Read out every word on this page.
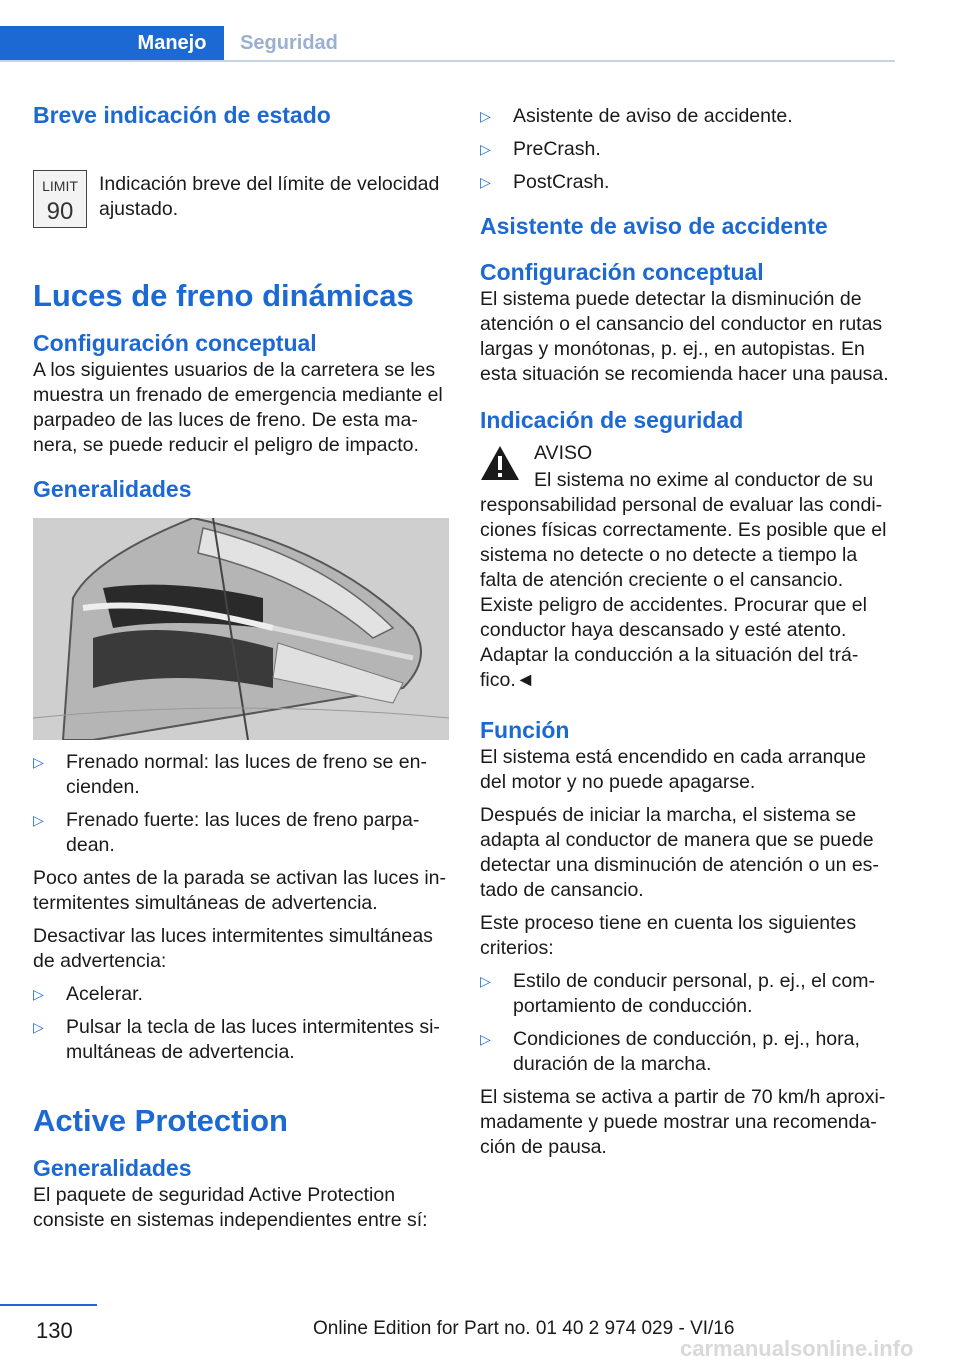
Manejo	Seguridad
Breve indicación de estado
LIMIT
90

Indicación breve del límite de velocidad ajustado.

Luces de freno dinámicas
Configuración conceptual

A los siguientes usuarios de la carretera se les muestra un frenado de emergencia mediante el parpadeo de las luces de freno. De esta ma‐nera, se puede reducir el peligro de impacto.

Generalidades
▷ Frenado normal: las luces de freno se en‐cienden.
▷ Frenado fuerte: las luces de freno parpa‐dean.

Poco antes de la parada se activan las luces in‐termitentes simultáneas de advertencia.

Desactivar las luces intermitentes simultáneas de advertencia:

▷ Acelerar.
▷ Pulsar la tecla de las luces intermitentes si‐multáneas de advertencia.
Active Protection
Generalidades

El paquete de seguridad Active Protection consiste en sistemas independientes entre sí:

▷ Asistente de aviso de accidente.
▷ PreCrash.
▷ PostCrash.
Asistente de aviso de accidente
Configuración conceptual

El sistema puede detectar la disminución de atención o el cansancio del conductor en rutas largas y monótonas, p. ej., en autopistas. En esta situación se recomienda hacer una pausa.

Indicación de seguridad

AVISO

El sistema no exime al conductor de su responsabilidad personal de evaluar las condi‐ciones físicas correctamente. Es posible que el sistema no detecte o no detecte a tiempo la falta de atención creciente o el cansancio. Existe peligro de accidentes. Procurar que el conductor haya descansado y esté atento. Adaptar la conducción a la situación del trá‐fico.◄

Función

El sistema está encendido en cada arranque del motor y no puede apagarse.

Después de iniciar la marcha, el sistema se adapta al conductor de manera que se puede detectar una disminución de atención o un es‐tado de cansancio.

Este proceso tiene en cuenta los siguientes criterios:

▷ Estilo de conducir personal, p. ej., el com‐portamiento de conducción.
▷ Condiciones de conducción, p. ej., hora, duración de la marcha.

El sistema se activa a partir de 70 km/h aproxi‐madamente y puede mostrar una recomenda‐ción de pausa.

130	Online Edition for Part no. 01 40 2 974 029 - VI/16
carmanualsonline.info
